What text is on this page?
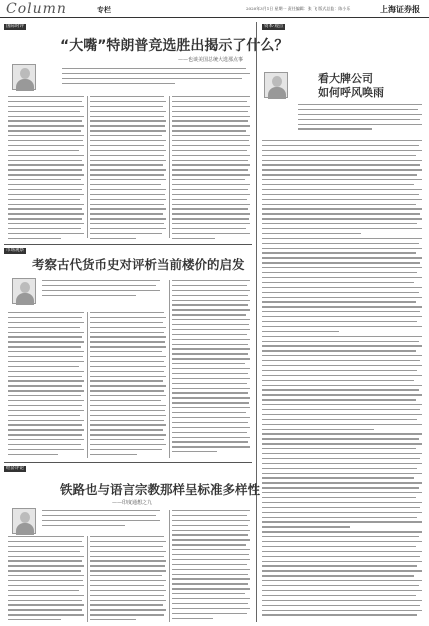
Column	专栏	2020年3月1日 星期一 责任编辑：张 飞 版式总监：陈小乐	上海证券报
国际时评
“大嘴”特朗普竞选胜出揭示了什么？
——也谈美国总统大选那点事
资本·观点
看大牌公司
如何呼风唤雨
市场观察
考察古代货币史对评析当前楼价的启发
经济评论
铁路也与语言宗教那样呈标准多样性
——印度通想之九
